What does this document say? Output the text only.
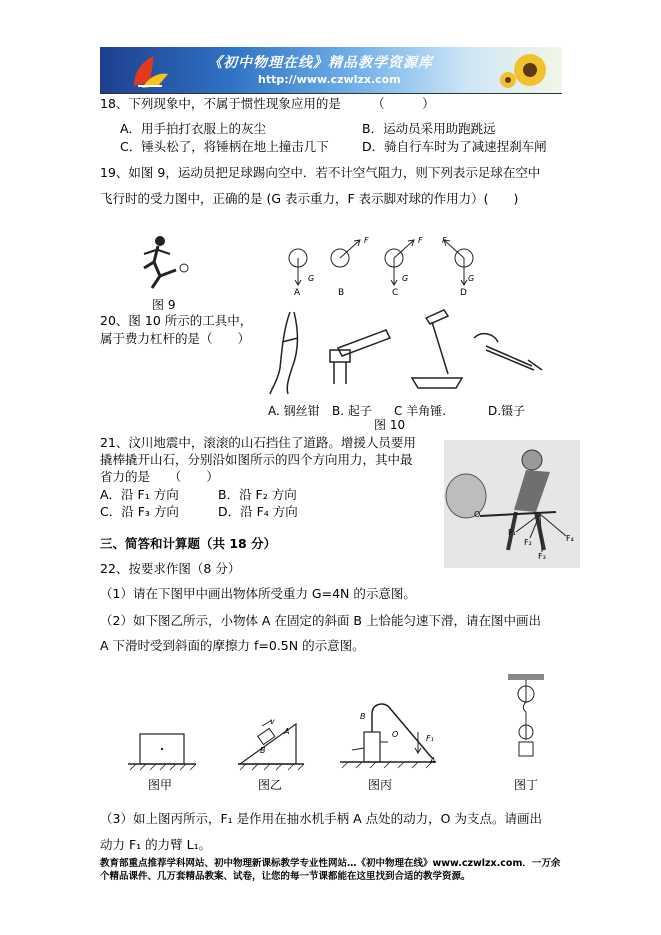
《初中物理在线》精品教学资源库
http://www.czwlzx.com
18、下列现象中，不属于惯性现象应用的是　　　（　　　）
A．用手拍打衣服上的灰尘	B．运动员采用助跑跳远
C．锤头松了，将锤柄在地上撞击几下	D．骑自行车时为了减速捏刹车闸
19、如图 9，运动员把足球踢向空中．若不计空气阻力，则下列表示足球在空中
飞行时的受力图中，正确的是 (G 表示重力，F 表示脚对球的作用力）(　　)
图 9
G
F
G
F
G
F
A	B	C	D
20、图 10 所示的工具中，
属于费力杠杆的是（　　）
A. 钢丝钳 B. 起子 C 羊角锤.	D.镊子
图 10
21、汶川地震中，滚滚的山石挡住了道路。增援人员要用
撬棒撬开山石，分别沿如图所示的四个方向用力，其中最
省力的是　　（　　）
A．沿 F₁ 方向	B．沿 F₂ 方向
C．沿 F₃ 方向	D．沿 F₄ 方向	O
F₁
F₂
F₃
F₄
三、简答和计算题（共 18 分）
22、按要求作图（8 分）
（1）请在下图甲中画出物体所受重力 G=4N 的示意图。
（2）如下图乙所示，小物体 A 在固定的斜面 B 上恰能匀速下滑，请在图中画出
A 下滑时受到斜面的摩擦力 f=0.5N 的示意图。
图甲
v
A
B
图乙
B
O	F₁
A
图丙	图丁
（3）如上图丙所示，F₁ 是作用在抽水机手柄 A 点处的动力，O 为支点。请画出
动力 F₁ 的力臂 L₁。
教育部重点推荐学科网站、初中物理新课标教学专业性网站…《初中物理在线》www.czwlzx.com．一万余
个精品课件、几万套精品教案、试卷，让您的每一节课都能在这里找到合适的教学资源。
